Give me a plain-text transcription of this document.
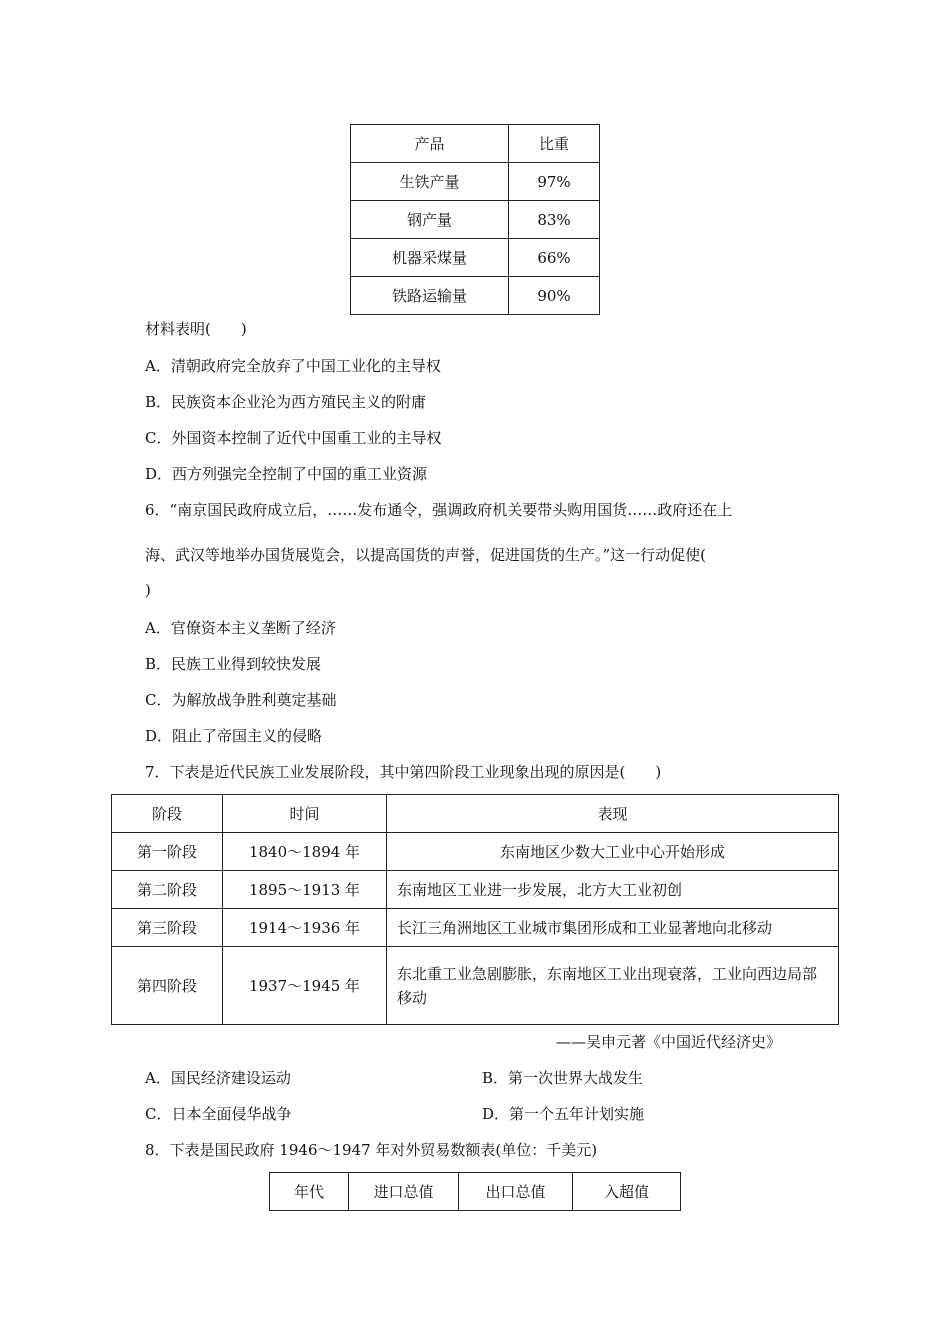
产品	比重
生铁产量	97%
钢产量	83%
机器采煤量	66%
铁路运输量	90%
材料表明(　　)
A．清朝政府完全放弃了中国工业化的主导权
B．民族资本企业沦为西方殖民主义的附庸
C．外国资本控制了近代中国重工业的主导权
D．西方列强完全控制了中国的重工业资源
6．“南京国民政府成立后，……发布通令，强调政府机关要带头购用国货……政府还在上
海、武汉等地举办国货展览会，以提高国货的声誉，促进国货的生产。”这一行动促使(
)
A．官僚资本主义垄断了经济
B．民族工业得到较快发展
C．为解放战争胜利奠定基础
D．阻止了帝国主义的侵略
7．下表是近代民族工业发展阶段，其中第四阶段工业现象出现的原因是(　　)
阶段	时间	表现
第一阶段	1840～1894 年	东南地区少数大工业中心开始形成
第二阶段	1895～1913 年	东南地区工业进一步发展，北方大工业初创
第三阶段	1914～1936 年	长江三角洲地区工业城市集团形成和工业显著地向北移动
第四阶段	1937～1945 年	东北重工业急剧膨胀，东南地区工业出现衰落，工业向西边局部移动
——吴申元著《中国近代经济史》
A．国民经济建设运动	B．第一次世界大战发生
C．日本全面侵华战争	D．第一个五年计划实施
8．下表是国民政府 1946～1947 年对外贸易数额表(单位：千美元)
年代	进口总值	出口总值	入超值
